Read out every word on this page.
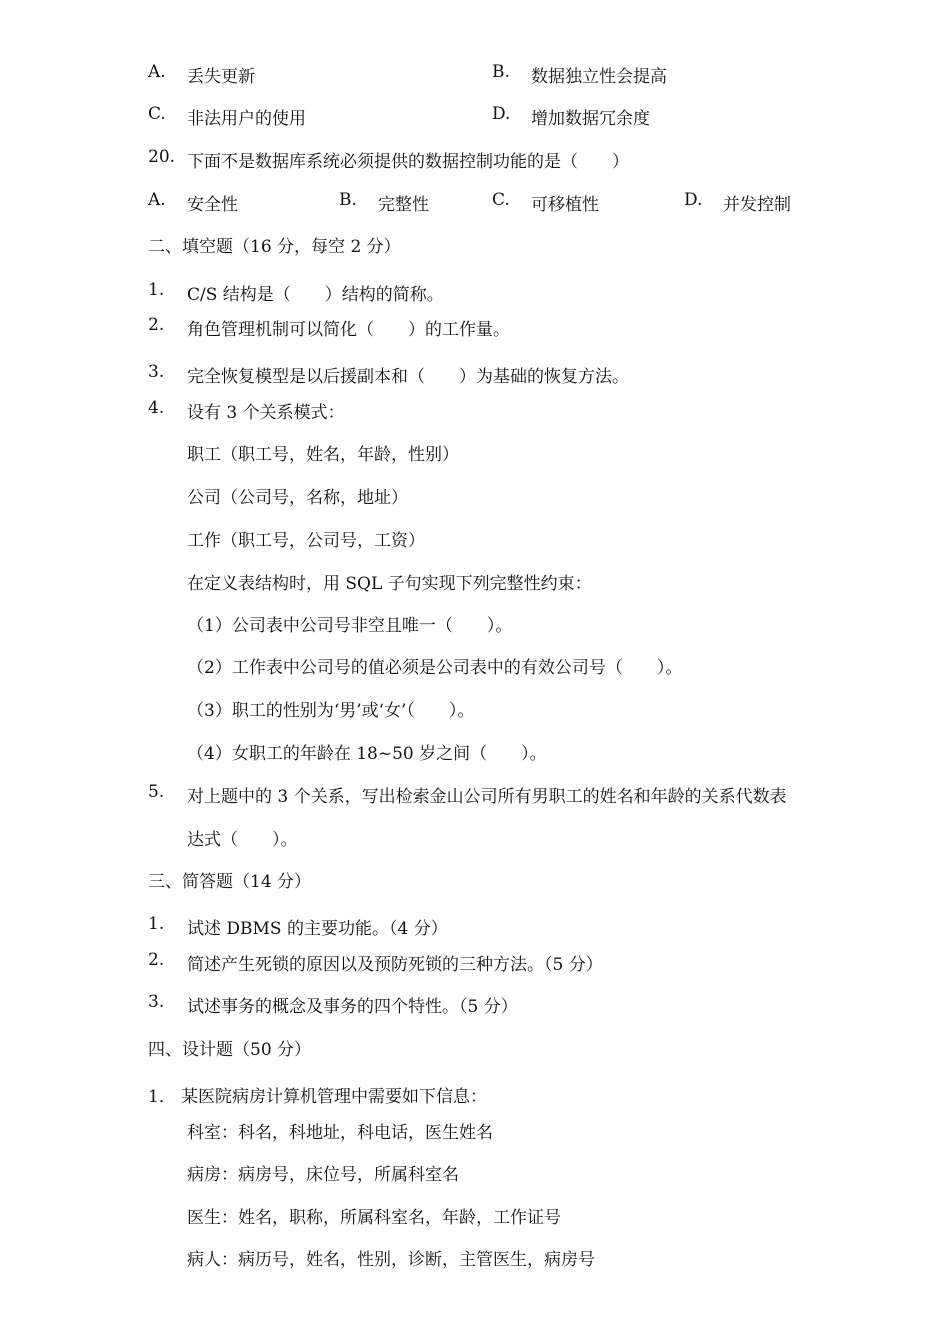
A. 丢失更新	B. 数据独立性会提高
C. 非法用户的使用	D. 增加数据冗余度
20. 下面不是数据库系统必须提供的数据控制功能的是（　　）
A. 安全性	B. 完整性	C. 可移植性	D. 并发控制
二、填空题（16 分，每空 2 分）
1. C/S 结构是（　　）结构的简称。
2. 角色管理机制可以简化（　　）的工作量。
3. 完全恢复模型是以后援副本和（　　）为基础的恢复方法。
4. 设有 3 个关系模式：
职工（职工号，姓名，年龄，性别）
公司（公司号，名称，地址）
工作（职工号，公司号，工资）
在定义表结构时，用 SQL 子句实现下列完整性约束：
（1）公司表中公司号非空且唯一（　　）。
（2）工作表中公司号的值必须是公司表中的有效公司号（　　）。
（3）职工的性别为‘男’或‘女’（　　）。
（4）女职工的年龄在 18~50 岁之间（　　）。
5. 对上题中的 3 个关系，写出检索金山公司所有男职工的姓名和年龄的关系代数表
达式（　　）。
三、简答题（14 分）
1. 试述 DBMS 的主要功能。（4 分）
2. 简述产生死锁的原因以及预防死锁的三种方法。（5 分）
3. 试述事务的概念及事务的四个特性。（5 分）
四、设计题（50 分）
1． 某医院病房计算机管理中需要如下信息：
科室：科名，科地址，科电话，医生姓名
病房：病房号，床位号，所属科室名
医生：姓名，职称，所属科室名，年龄，工作证号
病人：病历号，姓名，性别，诊断，主管医生，病房号
